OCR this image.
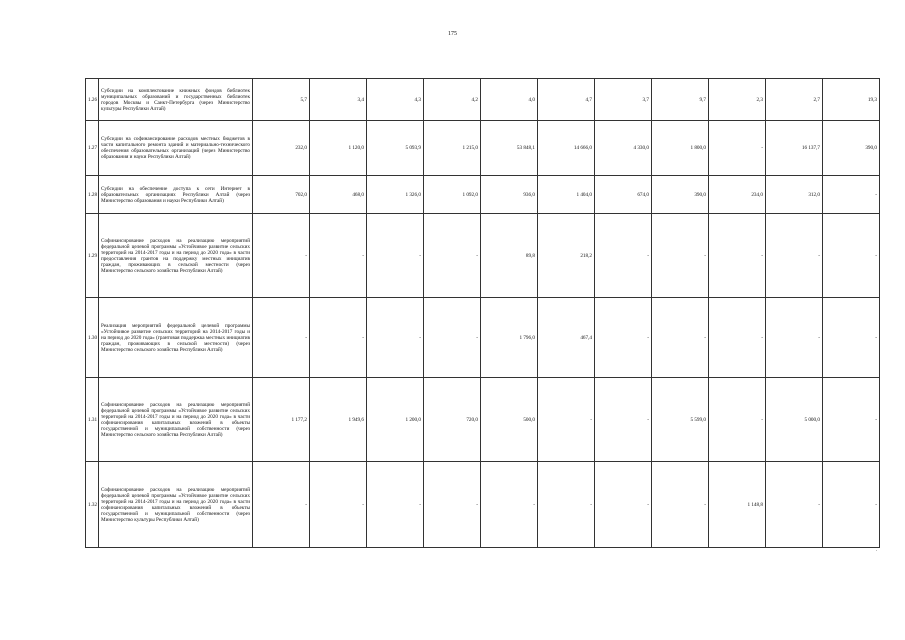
175
1.26	Субсидии на комплектование книжных фондов библиотек муниципальных образований и государственных библиотек городов Москвы и Санкт-Петербурга (через Министерство культуры Республики Алтай)	5,7	3,4	4,3	4,2	4,0	4,7	3,7	9,7	2,3	2,7	19,3
1.27	Субсидии на софинансирование расходов местных бюджетов в части капитального ремонта зданий и материально-технического обеспечения образовательных организаций (через Министерство образования и науки Республики Алтай)	232,0	1 120,0	5 093,9	1 215,0	53 848,1	14 666,0	4 330,0	1 800,0	-	16 137,7	390,0
1.28	Субсидии на обеспечение доступа к сети Интернет в образовательных организациях Республики Алтай (через Министерство образования и науки Республики Алтай)	702,0	468,0	1 326,0	1 092,0	936,0	1 404,0	674,0	390,0	234,0	312,0	-
1.29	Софинансирование расходов на реализацию мероприятий федеральной целевой программы «Устойчивое развитие сельских территорий на 2014-2017 годы и на период до 2020 года» в части предоставления грантов на поддержку местных инициатив граждан, проживающих в сельской местности (через Министерство сельского хозяйства Республики Алтай)	-	-	-	-	89,8	218,2	-	-	-	-	-
1.30	Реализация мероприятий федеральной целевой программы «Устойчивое развитие сельских территорий на 2014-2017 годы и на период до 2020 года» (грантовая поддержка местных инициатив граждан, проживающих в сельской местности) (через Министерство сельского хозяйства Республики Алтай)	-	-	-	-	1 796,0	467,4	-	-	-	-	-
1.31	Софинансирование расходов на реализацию мероприятий федеральной целевой программы «Устойчивое развитие сельских территорий на 2014-2017 годы и на период до 2020 года» в части софинансирования капитальных вложений в объекты государственной и муниципальной собственности (через Министерство сельского хозяйства Республики Алтай)	1 177,2	1 949,6	1 200,0	720,0	500,0	-	-	5 599,0	-	5 000,0	-
1.32	Софинансирование расходов на реализацию мероприятий федеральной целевой программы «Устойчивое развитие сельских территорий на 2014-2017 годы и на период до 2020 года» в части софинансирования капитальных вложений в объекты государственной и муниципальной собственности (через Министерство культуры Республики Алтай)	-	-	-	-	-	-	-	-	1 148,8	-	-
.
